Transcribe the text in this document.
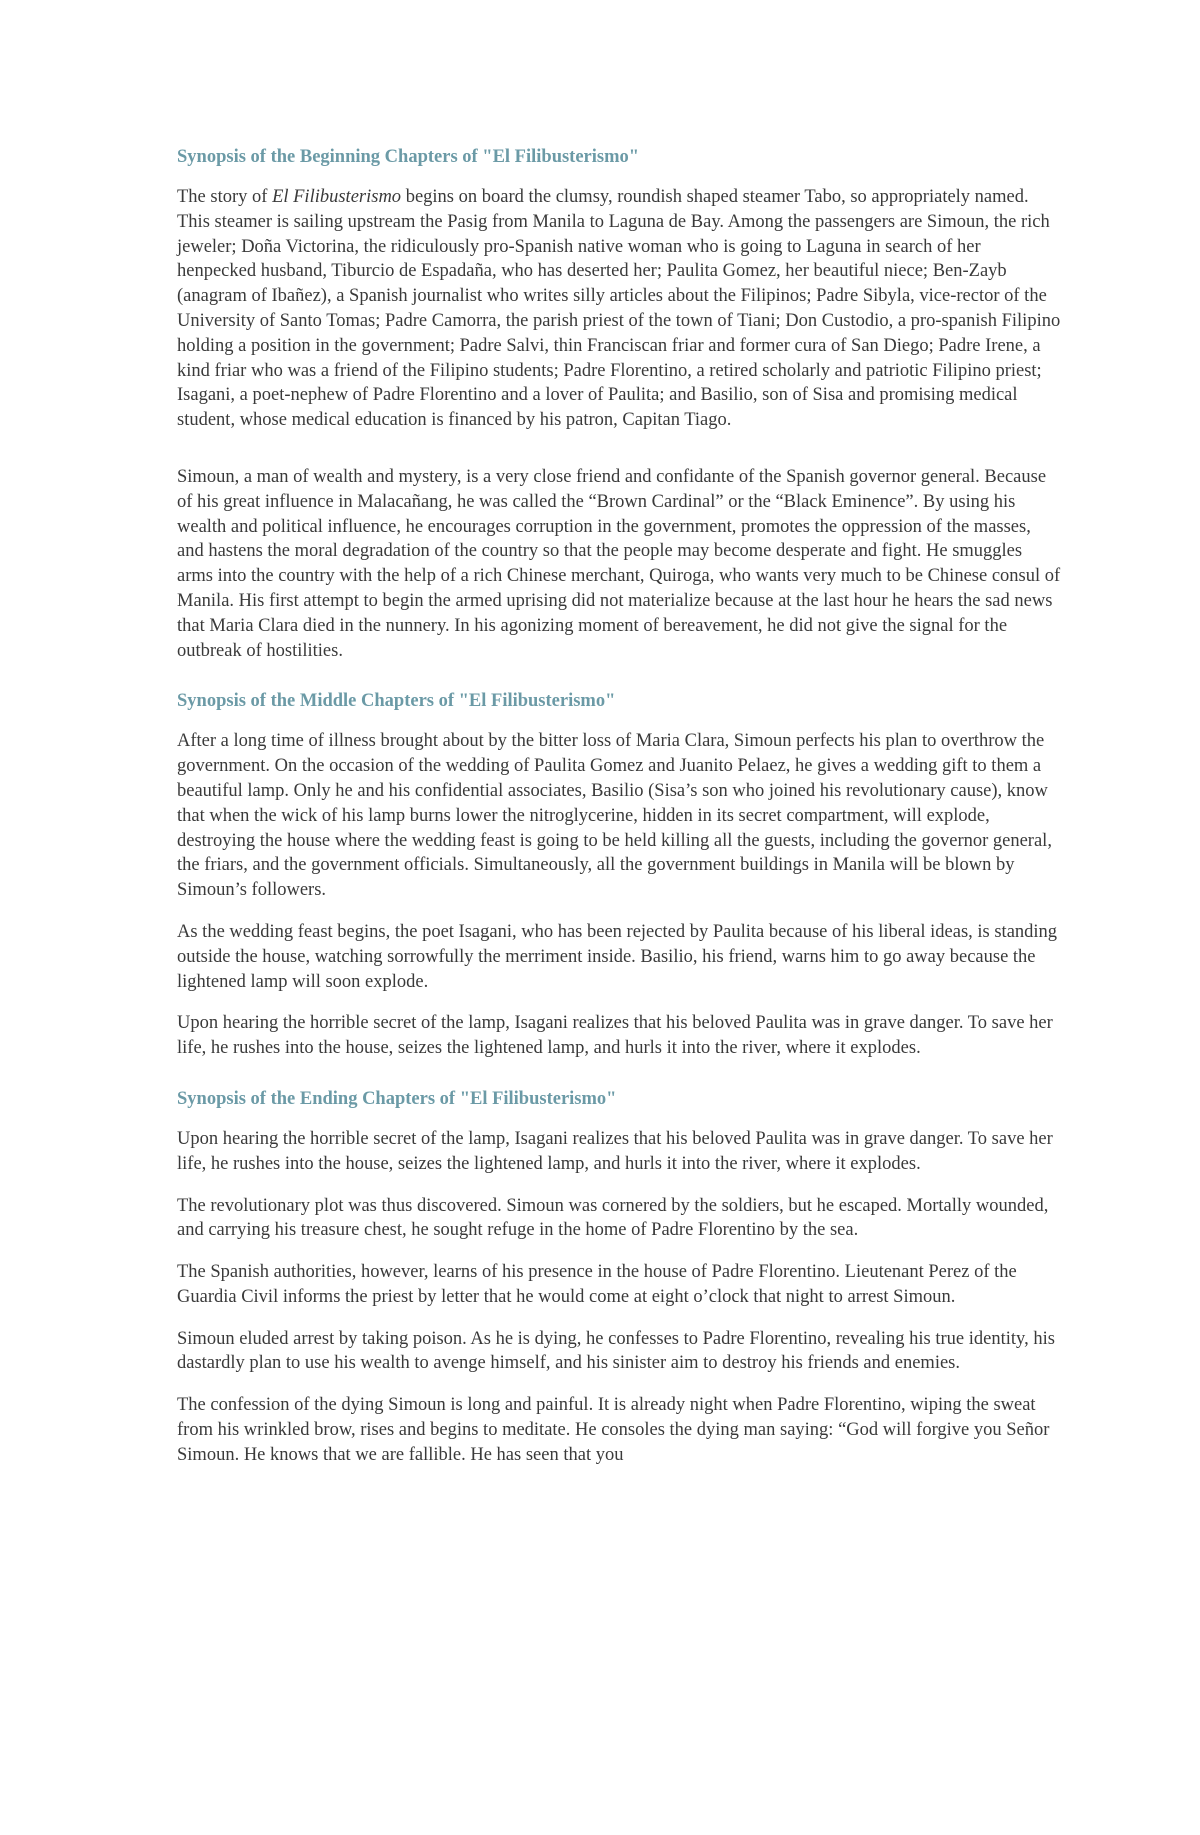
Synopsis of the Beginning Chapters of "El Filibusterismo"

The story of El Filibusterismo begins on board the clumsy, roundish shaped steamer Tabo, so appropriately named. This steamer is sailing upstream the Pasig from Manila to Laguna de Bay. Among the passengers are Simoun, the rich jeweler; Doña Victorina, the ridiculously pro-Spanish native woman who is going to Laguna in search of her henpecked husband, Tiburcio de Espadaña, who has deserted her; Paulita Gomez, her beautiful niece; Ben-Zayb (anagram of Ibañez), a Spanish journalist who writes silly articles about the Filipinos; Padre Sibyla, vice-rector of the University of Santo Tomas; Padre Camorra, the parish priest of the town of Tiani; Don Custodio, a pro-spanish Filipino holding a position in the government; Padre Salvi, thin Franciscan friar and former cura of San Diego; Padre Irene, a kind friar who was a friend of the Filipino students; Padre Florentino, a retired scholarly and patriotic Filipino priest; Isagani, a poet-nephew of Padre Florentino and a lover of Paulita; and Basilio, son of Sisa and promising medical student, whose medical education is financed by his patron, Capitan Tiago.

Simoun, a man of wealth and mystery, is a very close friend and confidante of the Spanish governor general. Because of his great influence in Malacañang, he was called the “Brown Cardinal” or the “Black Eminence”. By using his wealth and political influence, he encourages corruption in the government, promotes the oppression of the masses, and hastens the moral degradation of the country so that the people may become desperate and fight. He smuggles arms into the country with the help of a rich Chinese merchant, Quiroga, who wants very much to be Chinese consul of Manila. His first attempt to begin the armed uprising did not materialize because at the last hour he hears the sad news that Maria Clara died in the nunnery. In his agonizing moment of bereavement, he did not give the signal for the outbreak of hostilities.

Synopsis of the Middle Chapters of "El Filibusterismo"

After a long time of illness brought about by the bitter loss of Maria Clara, Simoun perfects his plan to overthrow the government. On the occasion of the wedding of Paulita Gomez and Juanito Pelaez, he gives a wedding gift to them a beautiful lamp. Only he and his confidential associates, Basilio (Sisa’s son who joined his revolutionary cause), know that when the wick of his lamp burns lower the nitroglycerine, hidden in its secret compartment, will explode, destroying the house where the wedding feast is going to be held killing all the guests, including the governor general, the friars, and the government officials. Simultaneously, all the government buildings in Manila will be blown by Simoun’s followers.

As the wedding feast begins, the poet Isagani, who has been rejected by Paulita because of his liberal ideas, is standing outside the house, watching sorrowfully the merriment inside. Basilio, his friend, warns him to go away because the lightened lamp will soon explode.

Upon hearing the horrible secret of the lamp, Isagani realizes that his beloved Paulita was in grave danger. To save her life, he rushes into the house, seizes the lightened lamp, and hurls it into the river, where it explodes.

Synopsis of the Ending Chapters of "El Filibusterismo"

Upon hearing the horrible secret of the lamp, Isagani realizes that his beloved Paulita was in grave danger. To save her life, he rushes into the house, seizes the lightened lamp, and hurls it into the river, where it explodes.

The revolutionary plot was thus discovered. Simoun was cornered by the soldiers, but he escaped. Mortally wounded, and carrying his treasure chest, he sought refuge in the home of Padre Florentino by the sea.

The Spanish authorities, however, learns of his presence in the house of Padre Florentino. Lieutenant Perez of the Guardia Civil informs the priest by letter that he would come at eight o’clock that night to arrest Simoun.

Simoun eluded arrest by taking poison. As he is dying, he confesses to Padre Florentino, revealing his true identity, his dastardly plan to use his wealth to avenge himself, and his sinister aim to destroy his friends and enemies.

The confession of the dying Simoun is long and painful. It is already night when Padre Florentino, wiping the sweat from his wrinkled brow, rises and begins to meditate. He consoles the dying man saying: “God will forgive you Señor Simoun. He knows that we are fallible. He has seen that you
